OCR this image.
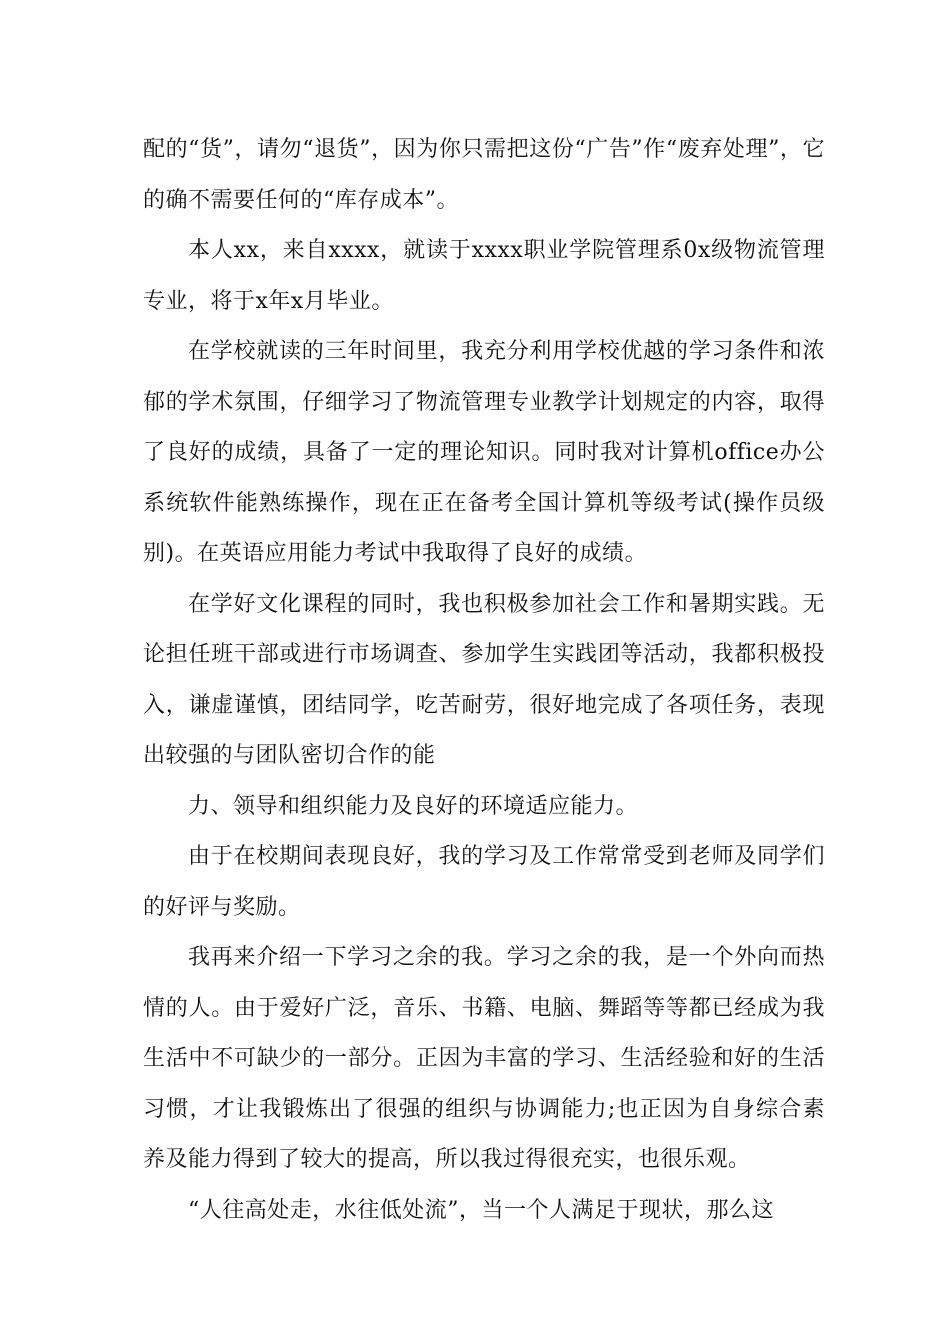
配的“货”，请勿“退货”，因为你只需把这份“广告”作“废弃处理”，它的确不需要任何的“库存成本”。

本人xx，来自xxxx，就读于xxxx职业学院管理系0x级物流管理专业，将于x年x月毕业。

在学校就读的三年时间里，我充分利用学校优越的学习条件和浓郁的学术氛围，仔细学习了物流管理专业教学计划规定的内容，取得了良好的成绩，具备了一定的理论知识。同时我对计算机office办公系统软件能熟练操作，现在正在备考全国计算机等级考试(操作员级别)。在英语应用能力考试中我取得了良好的成绩。

在学好文化课程的同时，我也积极参加社会工作和暑期实践。无论担任班干部或进行市场调查、参加学生实践团等活动，我都积极投入，谦虚谨慎，团结同学，吃苦耐劳，很好地完成了各项任务，表现出较强的与团队密切合作的能

力、领导和组织能力及良好的环境适应能力。

由于在校期间表现良好，我的学习及工作常常受到老师及同学们的好评与奖励。

我再来介绍一下学习之余的我。学习之余的我，是一个外向而热情的人。由于爱好广泛，音乐、书籍、电脑、舞蹈等等都已经成为我生活中不可缺少的一部分。正因为丰富的学习、生活经验和好的生活习惯，才让我锻炼出了很强的组织与协调能力;也正因为自身综合素养及能力得到了较大的提高，所以我过得很充实，也很乐观。

“人往高处走，水往低处流”，当一个人满足于现状，那么这
